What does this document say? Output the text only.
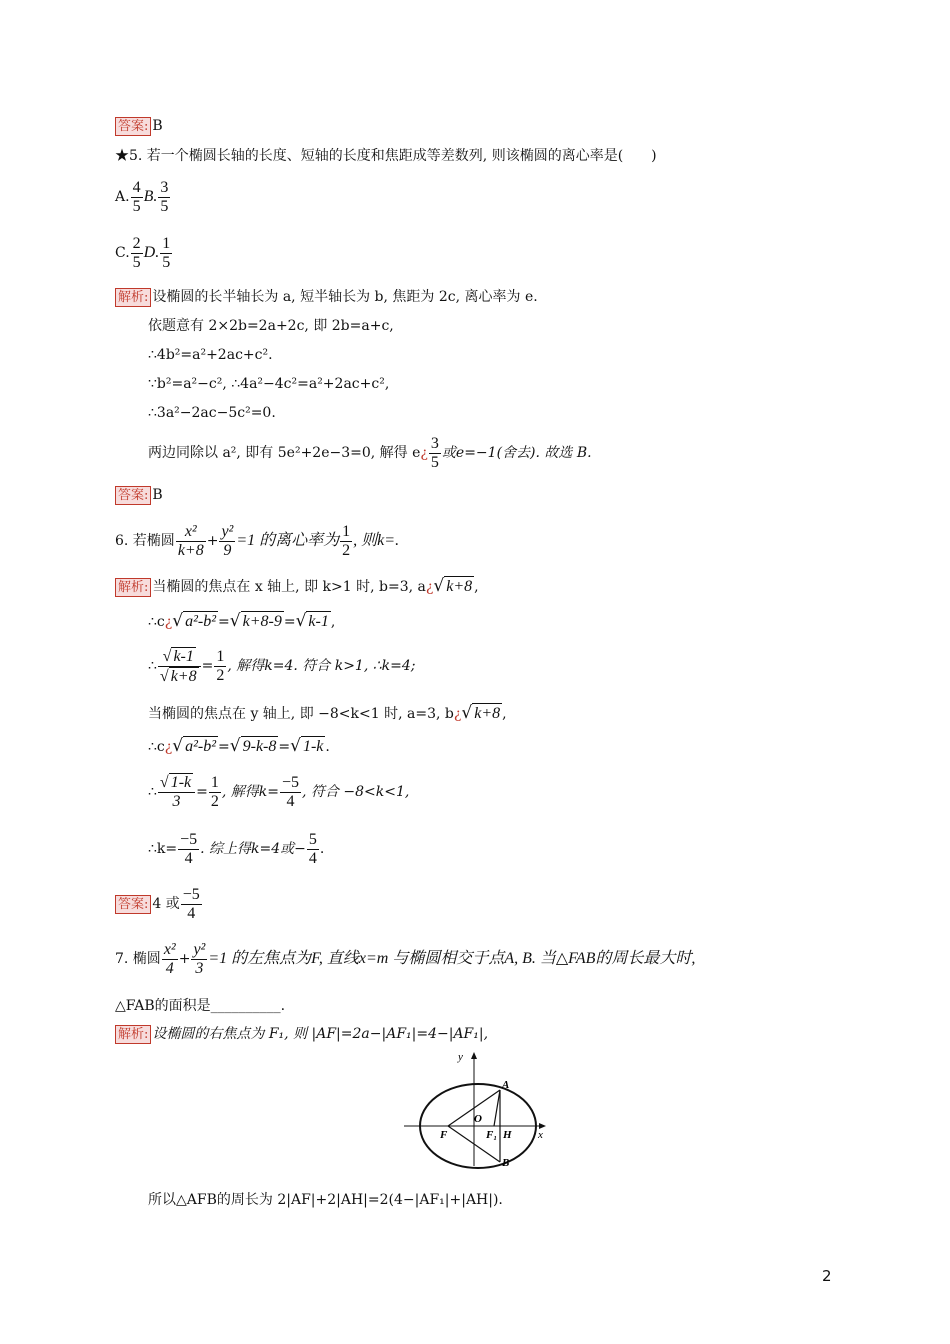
答案: B
★5. 若一个椭圆长轴的长度、短轴的长度和焦距成等差数列, 则该椭圆的离心率是(　　)
A. $\frac{4}{5} B$. $\frac{3}{5}$
C. $\frac{2}{5} D$. $\frac{1}{5}$
解析: 设椭圆的长半轴长为 a, 短半轴长为 b, 焦距为 2c, 离心率为 e.
依题意有 2×2b=2a+2c, 即 2b=a+c,
∴4b²=a²+2ac+c².
∵b²=a²−c², ∴4a²−4c²=a²+2ac+c²,
∴3a²−2ac−5c²=0.
两边同除以 a², 即有 5e²+2e−3=0, 解得 e¿ $\frac{3}{5}$ 或e=−1(舍去). 故选 B.
答案: B
6. 若椭圆 $\frac{\text{x²}}{k+8} + \frac{\text{y²}}{9} =1$ 的离心率为 $\frac{1}{2}$ , 则k=.
解析: 当椭圆的焦点在 x 轴上, 即 k>1 时, b=3, a¿√ k+8 ,
∴c¿√ a²-b² =√ k+8-9 =√ k-1 ,
∴ $\frac{√ k-1}{√ k+8} = \frac{1}{2}$ , 解得k=4. 符合 k>1, ∴k=4;
当椭圆的焦点在 y 轴上, 即 −8<k<1 时, a=3, b¿√ k+8 ,
∴c¿√ a²-b² =√ 9-k-8 =√ 1-k .
∴ $\frac{√ 1-k}{3} = \frac{1}{2}$ , 解得$k= \frac{-5}{4}$ , 符合 −8<k<1,
∴k= $\frac{-5}{4}$ . 综上得k=4或− $\frac{5}{4}$ .
答案: 4 或 $\frac{-5}{4}$
7. 椭圆 $\frac{\text{x²}}{4} + \frac{\text{y²}}{3} =1$ 的左焦点为F, 直线x=m 与椭圆相交于点A, B. 当△FAB的周长最大时,
△FAB的面积是__________.
解析: 设椭圆的右焦点为 F₁, 则 |AF|=2a−|AF₁|=4−|AF₁|,
y
x
A
B
O
F	F₁ H
所以△AFB的周长为 2|AF|+2|AH|=2(4−|AF₁|+|AH|).
2
